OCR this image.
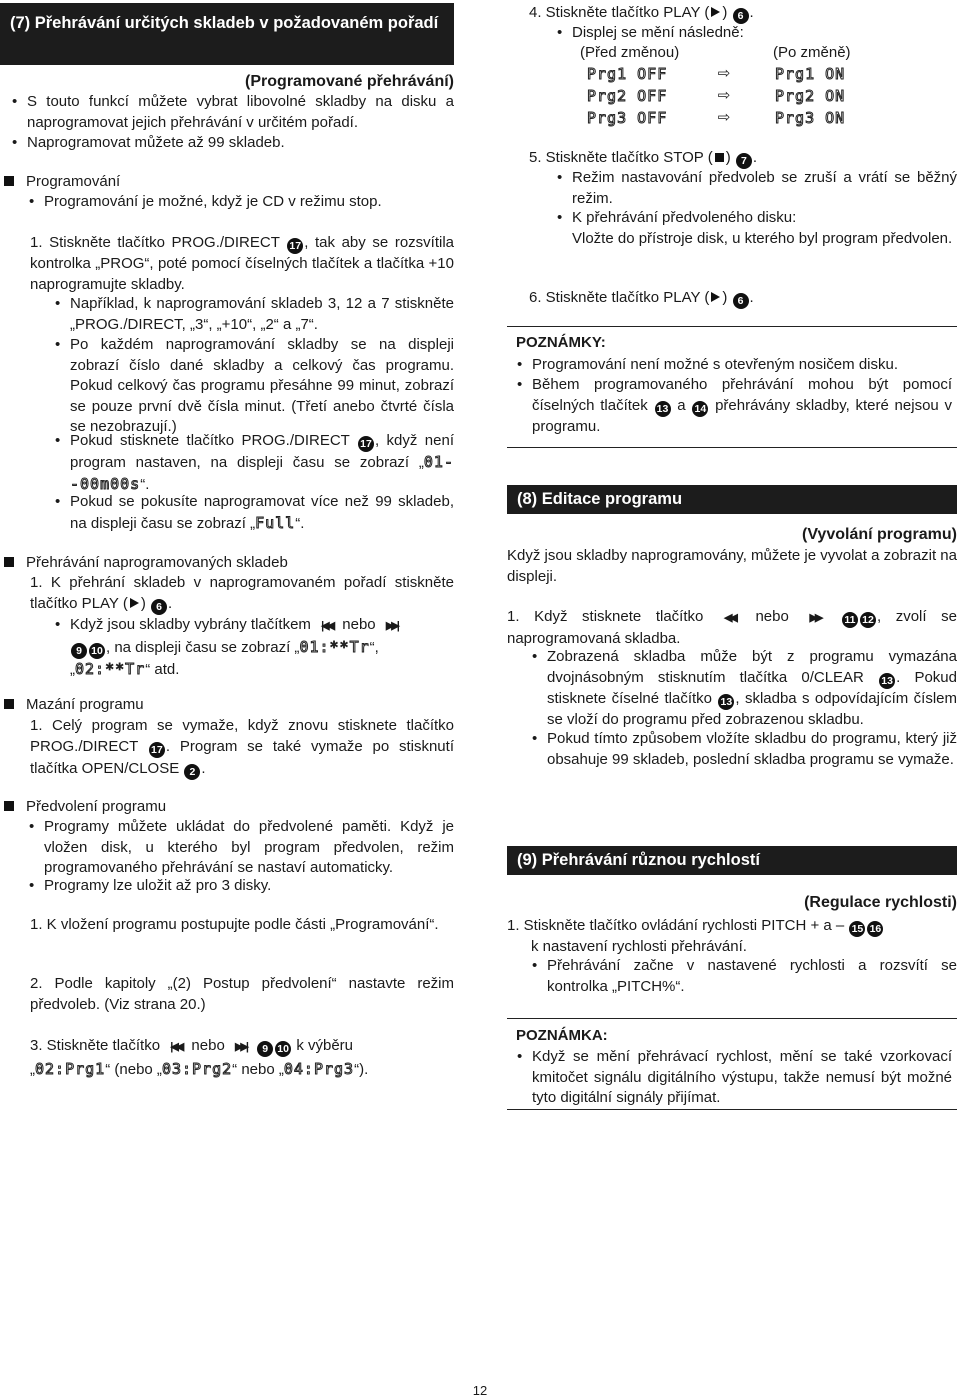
(7) Přehrávání určitých skladeb v požadovaném pořadí
(Programované přehrávání)

• S touto funkcí můžete vybrat libovolné skladby na disku a naprogramovat jejich přehrávání v určitém pořadí.

• Naprogramovat můžete až 99 skladeb.

Programování

• Programování je možné, když je CD v režimu stop.

1. Stiskněte tlačítko PROG./DIRECT 17 , tak aby se rozsvítila kontrolka „PROG“, poté pomocí číselných tlačítek a tlačítka +10 naprogramujte skladby.

• Například, k naprogramování skladeb 3, 12 a 7 stiskněte „PROG./DIRECT, „3“, „+10“, „2“ a „7“.

• Po každém naprogramování skladby se na displeji zobrazí číslo dané skladby a celkový čas programu. Pokud celkový čas programu přesáhne 99 minut, zobrazí se pouze první dvě čísla minut. (Třetí anebo čtvrté čísla se nezobrazují.)

• Pokud stisknete tlačítko PROG./DIRECT 17 , když není program nastaven, na displeji času se zobrazí „01--00m00s“.

• Pokud se pokusíte naprogramovat více než 99 skladeb, na displeji času se zobrazí „Full“.

Přehrávání naprogramovaných skladeb

1. K přehrání skladeb v naprogramovaném pořadí stiskněte tlačítko PLAY ( ) 6 .

• Když jsou skladby vybrány tlačítkem |◀◀ nebo ▶▶|
9 10 , na displeji času se zobrazí „01:**Tr“,
„02:**Tr“ atd.

Mazání programu

1. Celý program se vymaže, když znovu stisknete tlačítko PROG./DIRECT 17 . Program se také vymaže po stisknutí tlačítka OPEN/CLOSE 2 .

Předvolení programu

• Programy můžete ukládat do předvolené paměti. Když je vložen disk, u kterého byl program předvolen, režim programovaného přehrávání se nastaví automaticky.

• Programy lze uložit až pro 3 disky.

1. K vložení programu postupujte podle části „Programování“.

2. Podle kapitoly „(2) Postup předvolení“ nastavte režim předvoleb. (Viz strana 20.)

3. Stiskněte tlačítko |◀◀ nebo ▶▶| 9 10 k výběru
„02:Prg1“ (nebo „03:Prg2“ nebo „04:Prg3“).

4. Stiskněte tlačítko PLAY ( ) 6 .

• Displej se mění následně:

(Před změnou)	(Po změně)
Prg1 OFF	⇨	Prg1 ON
Prg2 OFF	⇨	Prg2 ON
Prg3 OFF	⇨	Prg3 ON

5. Stiskněte tlačítko STOP ( ) 7 .

• Režim nastavování předvoleb se zruší a vrátí se běžný režim.

• K přehrávání předvoleného disku:
Vložte do přístroje disk, u kterého byl program předvolen.

6. Stiskněte tlačítko PLAY ( ) 6 .

POZNÁMKY:

• Programování není možné s otevřeným nosičem disku.

• Během programovaného přehrávání mohou být pomocí číselných tlačítek 13 a 14 přehrávány skladby, které nejsou v programu.

(8) Editace programu
(Vyvolání programu)

Když jsou skladby naprogramovány, můžete je vyvolat a zobrazit na displeji.

1. Když stisknete tlačítko ◀◀ nebo ▶▶ 11 12 , zvolí se naprogramovaná skladba.

• Zobrazená skladba může být z programu vymazána dvojnásobným stisknutím tlačítka 0/CLEAR 13 . Pokud stisknete číselné tlačítko 13 , skladba s odpovídajícím číslem se vloží do programu před zobrazenou skladbu.

• Pokud tímto způsobem vložíte skladbu do programu, který již obsahuje 99 skladeb, poslední skladba programu se vymaže.

(9) Přehrávání různou rychlostí
(Regulace rychlosti)

1. Stiskněte tlačítko ovládání rychlosti PITCH + a – 15 16
k nastavení rychlosti přehrávání.

• Přehrávání začne v nastavené rychlosti a rozsvítí se kontrolka „PITCH%“.

POZNÁMKA:

• Když se mění přehrávací rychlost, mění se také vzorkovací kmitočet signálu digitálního výstupu, takže nemusí být možné tyto digitální signály přijímat.

12
